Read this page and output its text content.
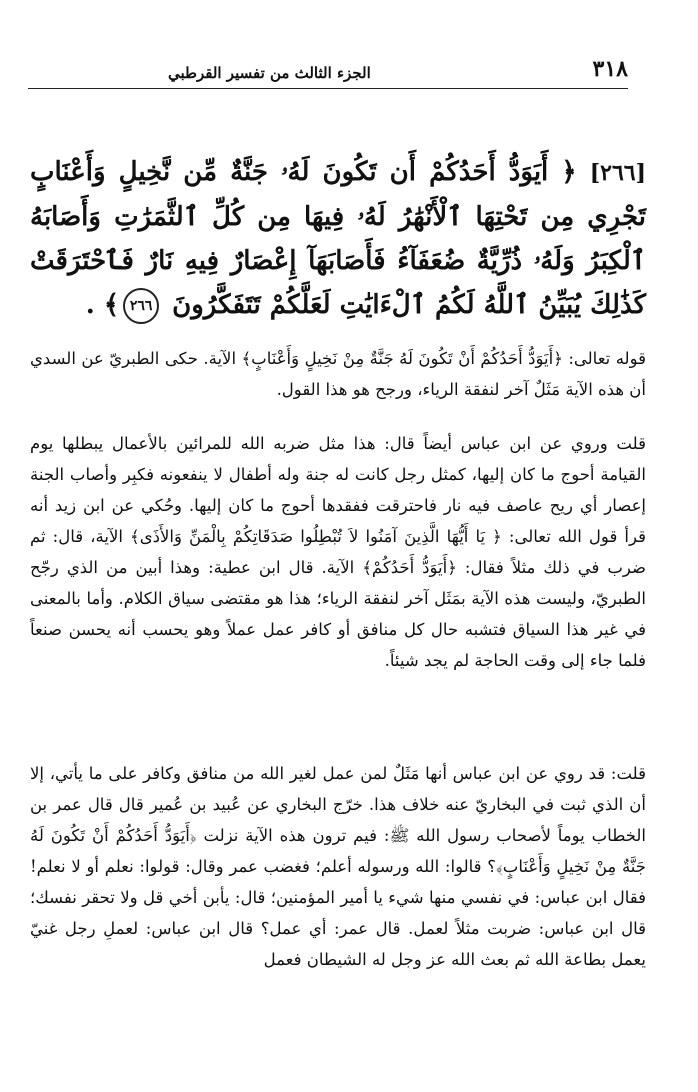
٣١٨
الجزء الثالث من تفسير القرطبي
[٢٦٦] ﴿ أَيَوَدُّ أَحَدُكُمْ أَن تَكُونَ لَهُۥ جَنَّةٌ مِّن نَّخِيلٍ وَأَعْنَابٍ تَجْرِي مِن تَحْتِهَا ٱلْأَنْهَٰرُ لَهُۥ فِيهَا مِن كُلِّ ٱلثَّمَرَٰتِ وَأَصَابَهُ ٱلْكِبَرُ وَلَهُۥ ذُرِّيَّةٌ ضُعَفَآءُ فَأَصَابَهَآ إِعْصَارٌ فِيهِ نَارٌ فَٱحْتَرَقَتْ كَذَٰلِكَ يُبَيِّنُ ٱللَّهُ لَكُمُ ٱلْءَايَٰتِ لَعَلَّكُمْ تَتَفَكَّرُونَ ٢٦٦﴾ .

قوله تعالى: ﴿أَيَوَدُّ أَحَدُكُمْ أَنْ تَكُونَ لَهُ جَنَّةٌ مِنْ نَخِيلٍ وَأَعْنَابٍ﴾ الآية. حكى الطبريّ عن السدي أن هذه الآية مَثَلٌ آخر لنفقة الرياء، ورجح هو هذا القول.

قلت وروي عن ابن عباس أيضاً قال: هذا مثل ضربه الله للمرائين بالأعمال يبطلها يوم القيامة أحوج ما كان إليها، كمثل رجل كانت له جنة وله أطفال لا ينفعونه فكبِر وأصاب الجنة إعصار أي ريح عاصف فيه نار فاحترقت ففقدها أحوج ما كان إليها. وحُكي عن ابن زيد أنه قرأ قول الله تعالى: ﴿ يَا أَيُّهَا الَّذِينَ آمَنُوا لاَ تُبْطِلُوا صَدَقَاتِكُمْ بِالْمَنِّ وَالأَذَى﴾ الآية، قال: ثم ضرب في ذلك مثلاً فقال: ﴿أَيَوَدُّ أَحَدُكُمْ﴾ الآية. قال ابن عطية: وهذا أبين من الذي رجّح الطبريّ، وليست هذه الآية بمَثَل آخر لنفقة الرياء؛ هذا هو مقتضى سياق الكلام. وأما بالمعنى في غير هذا السياق فتشبه حال كل منافق أو كافر عمل عملاً وهو يحسب أنه يحسن صنعاً فلما جاء إلى وقت الحاجة لم يجد شيئاً.

قلت: قد روي عن ابن عباس أنها مَثَلٌ لمن عمل لغير الله من منافق وكافر على ما يأتي، إلا أن الذي ثبت في البخاريّ عنه خلاف هذا. خرّج البخاري عن عُبيد بن عُمير قال قال عمر بن الخطاب يوماً لأصحاب رسول الله ﷺ: فيم ترون هذه الآية نزلت ﴿أَيَوَدُّ أَحَدُكُمْ أَنْ تَكُونَ لَهُ جَنَّةٌ مِنْ نَخِيلٍ وَأَعْنَابٍ﴾؟ قالوا: الله ورسوله أعلم؛ فغضب عمر وقال: قولوا: نعلم أو لا نعلم! فقال ابن عباس: في نفسي منها شيء يا أمير المؤمنين؛ قال: يأبن أخي قل ولا تحقر نفسك؛ قال ابن عباس: ضربت مثلاً لعمل. قال عمر: أي عمل؟ قال ابن عباس: لعملِ رجل غنيّ يعمل بطاعة الله ثم بعث الله عز وجل له الشيطان فعمل
